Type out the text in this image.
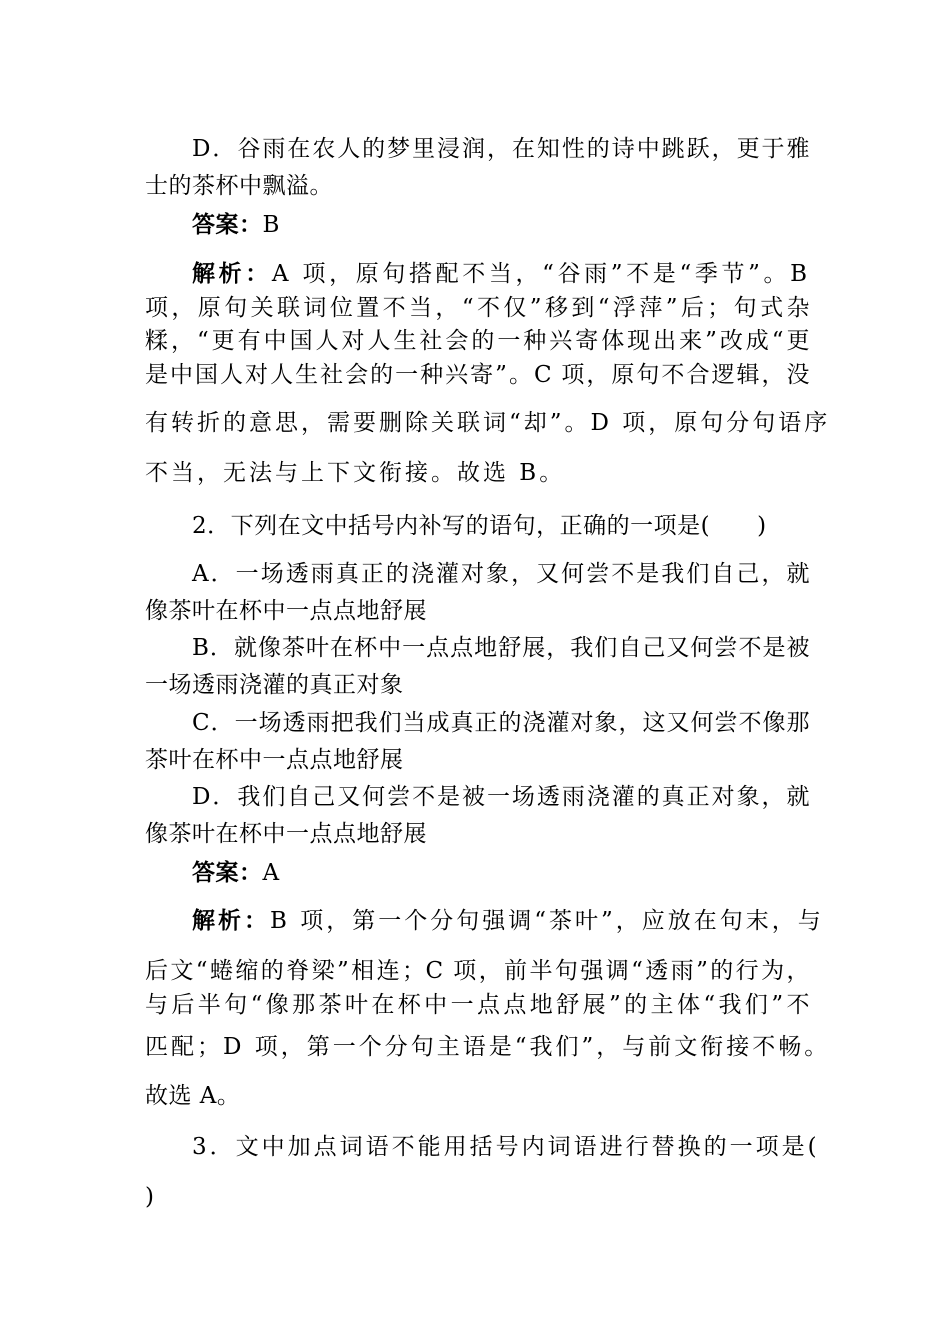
D．谷雨在农人的梦里浸润，在知性的诗中跳跃，更于雅
士的茶杯中飘溢。
答案：B
解析：A 项，原句搭配不当，“谷雨”不是“季节”。B
项，原句关联词位置不当，“不仅”移到“浮萍”后；句式杂
糅，“更有中国人对人生社会的一种兴寄体现出来”改成“更
是中国人对人生社会的一种兴寄”。C 项，原句不合逻辑，没
有转折的意思，需要删除关联词“却”。D 项，原句分句语序
不当，无法与上下文衔接。故选 B。
2．下列在文中括号内补写的语句，正确的一项是(　　)
A．一场透雨真正的浇灌对象，又何尝不是我们自己，就
像茶叶在杯中一点点地舒展
B．就像茶叶在杯中一点点地舒展，我们自己又何尝不是被
一场透雨浇灌的真正对象
C．一场透雨把我们当成真正的浇灌对象，这又何尝不像那
茶叶在杯中一点点地舒展
D．我们自己又何尝不是被一场透雨浇灌的真正对象，就
像茶叶在杯中一点点地舒展
答案：A
解析：B 项，第一个分句强调“茶叶”，应放在句末，与
后文“蜷缩的脊梁”相连；C 项，前半句强调“透雨”的行为，
与后半句“像那茶叶在杯中一点点地舒展”的主体“我们”不
匹配；D 项，第一个分句主语是“我们”，与前文衔接不畅。
故选 A。
3．文中加点词语不能用括号内词语进行替换的一项是(
)
